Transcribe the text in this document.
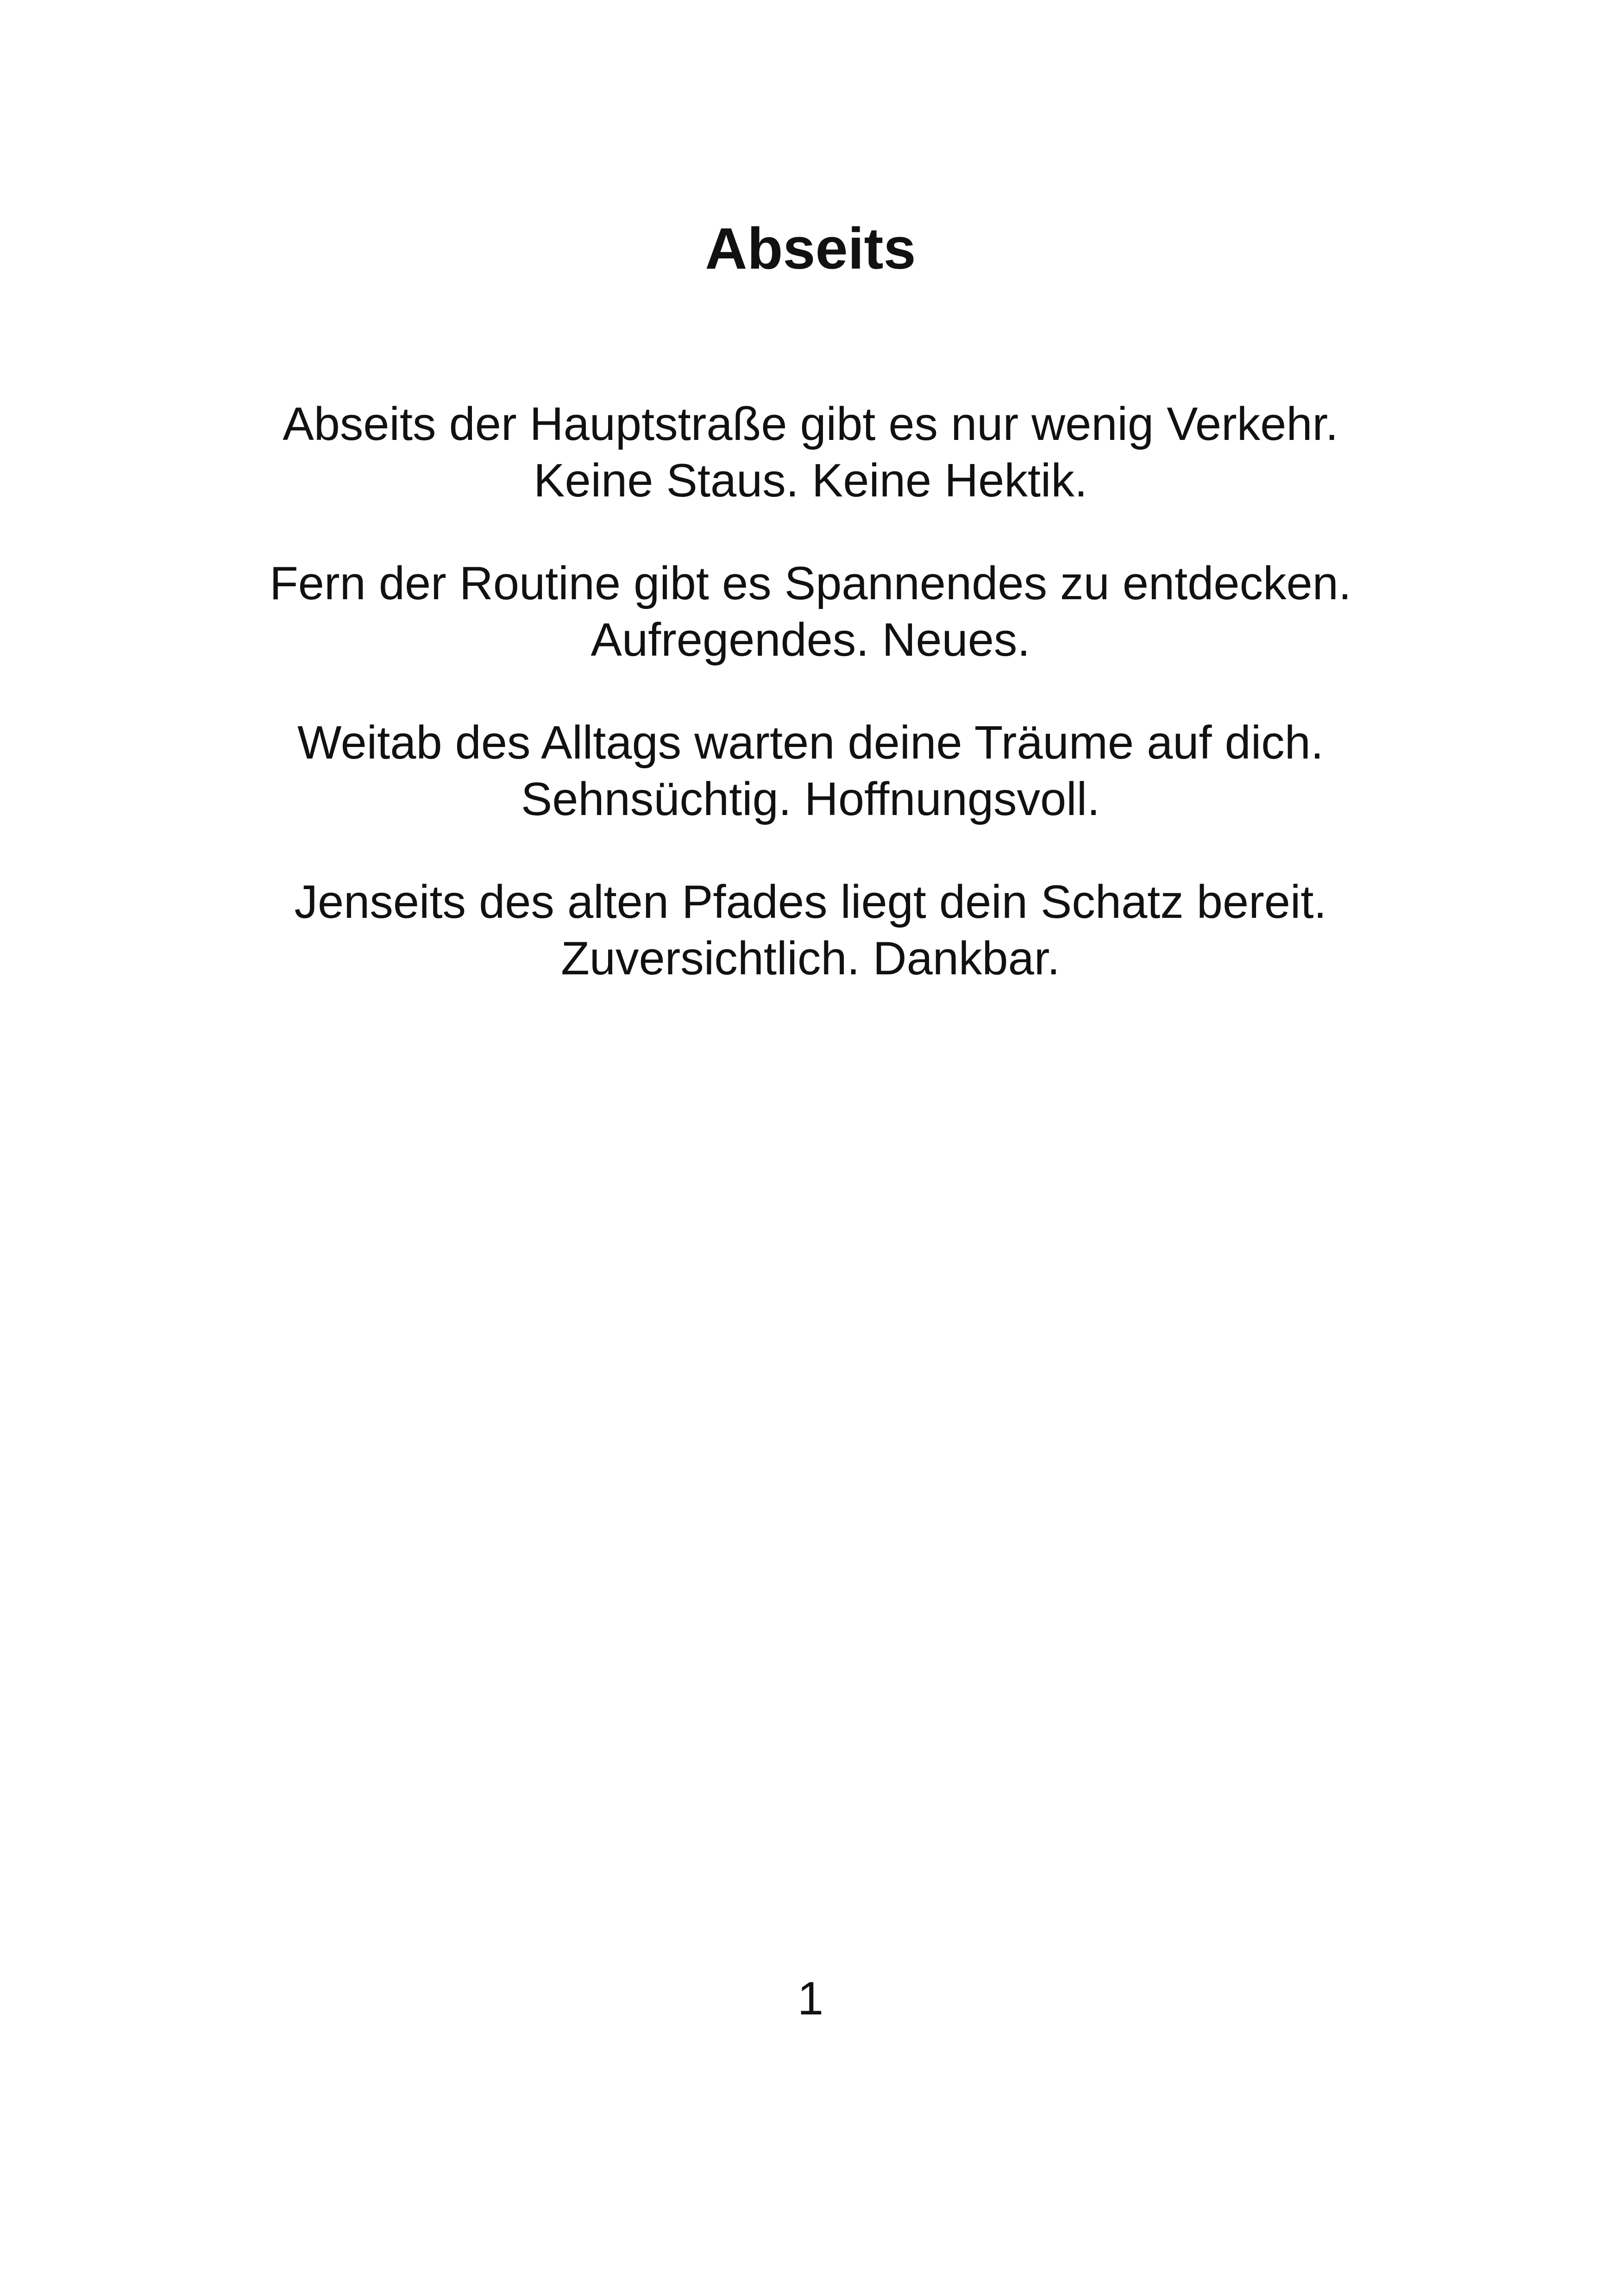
Abseits

Abseits der Hauptstraße gibt es nur wenig Verkehr.
Keine Staus. Keine Hektik.

Fern der Routine gibt es Spannendes zu entdecken.
Aufregendes. Neues.

Weitab des Alltags warten deine Träume auf dich.
Sehnsüchtig. Hoffnungsvoll.

Jenseits des alten Pfades liegt dein Schatz bereit.
Zuversichtlich. Dankbar.

1
